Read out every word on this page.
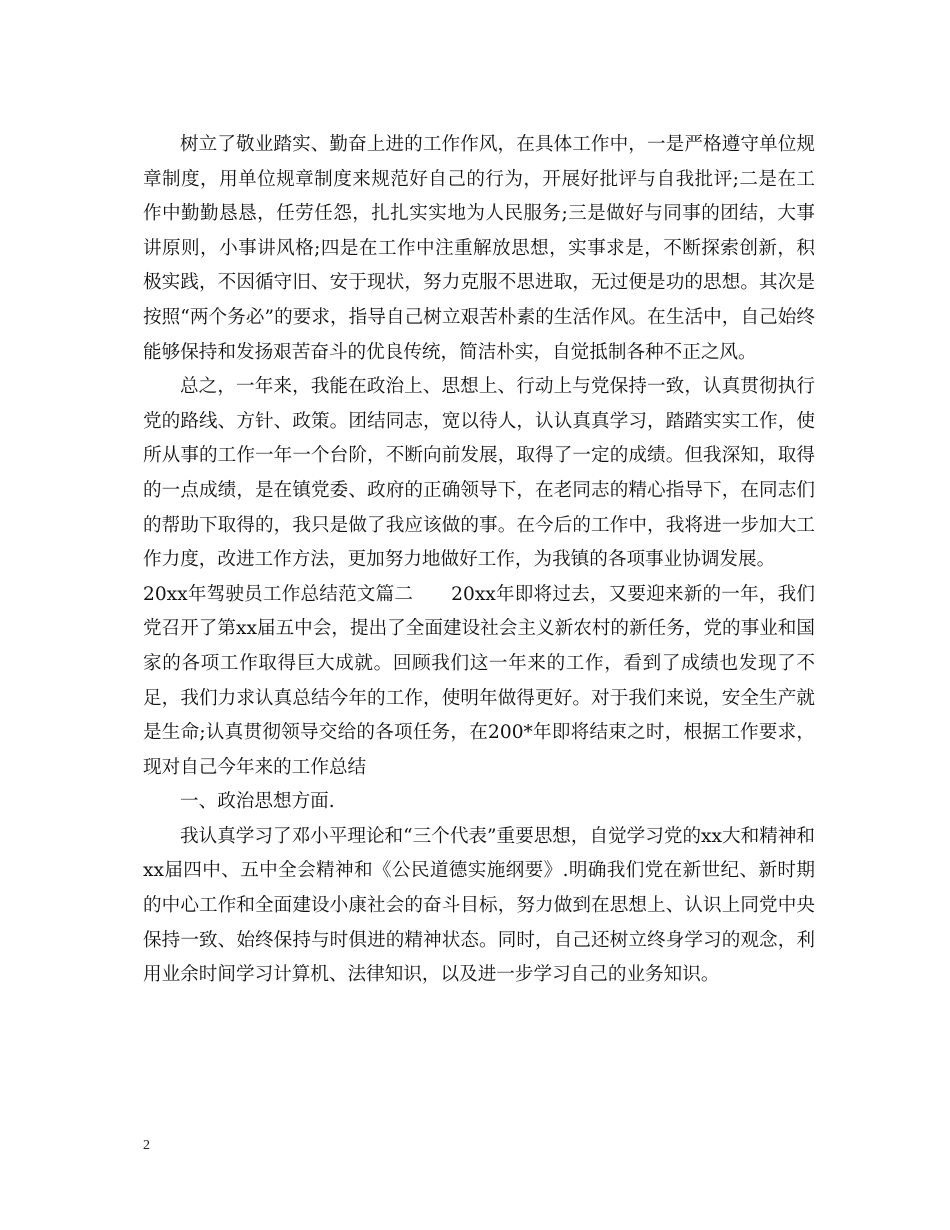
树立了敬业踏实、勤奋上进的工作作风，在具体工作中，一是严格遵守单位规章制度，用单位规章制度来规范好自己的行为，开展好批评与自我批评;二是在工作中勤勤恳恳，任劳任怨，扎扎实实地为人民服务;三是做好与同事的团结，大事讲原则，小事讲风格;四是在工作中注重解放思想，实事求是，不断探索创新，积极实践，不因循守旧、安于现状，努力克服不思进取，无过便是功的思想。其次是按照“两个务必”的要求，指导自己树立艰苦朴素的生活作风。在生活中，自己始终能够保持和发扬艰苦奋斗的优良传统，简洁朴实，自觉抵制各种不正之风。

总之，一年来，我能在政治上、思想上、行动上与党保持一致，认真贯彻执行党的路线、方针、政策。团结同志，宽以待人，认认真真学习，踏踏实实工作，使所从事的工作一年一个台阶，不断向前发展，取得了一定的成绩。但我深知，取得的一点成绩，是在镇党委、政府的正确领导下，在老同志的精心指导下，在同志们的帮助下取得的，我只是做了我应该做的事。在今后的工作中，我将进一步加大工作力度，改进工作方法，更加努力地做好工作，为我镇的各项事业协调发展。

20xx年驾驶员工作总结范文篇二 20xx年即将过去，又要迎来新的一年，我们党召开了第xx届五中会，提出了全面建设社会主义新农村的新任务，党的事业和国家的各项工作取得巨大成就。回顾我们这一年来的工作，看到了成绩也发现了不足，我们力求认真总结今年的工作，使明年做得更好。对于我们来说，安全生产就是生命;认真贯彻领导交给的各项任务，在200*年即将结束之时，根据工作要求，现对自己今年来的工作总结

一、政治思想方面.

我认真学习了邓小平理论和“三个代表”重要思想，自觉学习党的xx大和精神和xx届四中、五中全会精神和《公民道德实施纲要》.明确我们党在新世纪、新时期的中心工作和全面建设小康社会的奋斗目标，努力做到在思想上、认识上同党中央保持一致、始终保持与时俱进的精神状态。同时，自己还树立终身学习的观念，利用业余时间学习计算机、法律知识，以及进一步学习自己的业务知识。

2
